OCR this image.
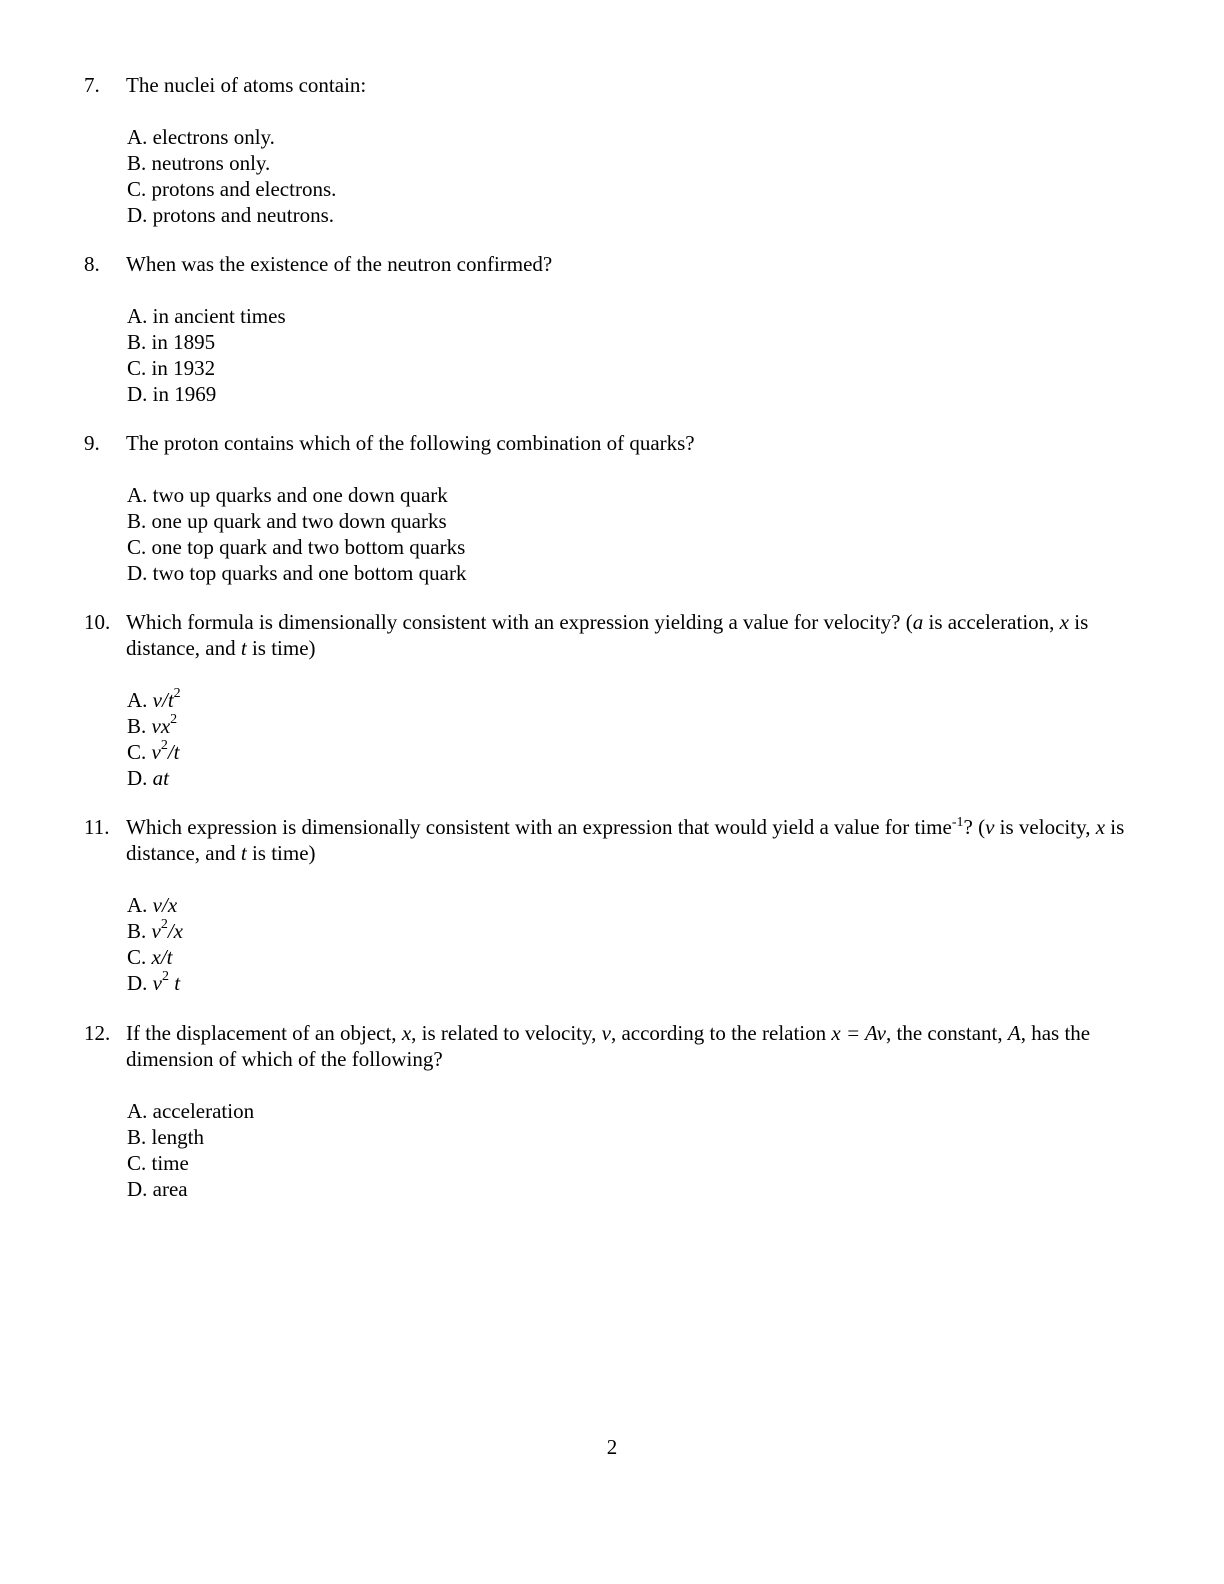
7.	The nuclei of atoms contain:
A. electrons only.
B. neutrons only.
C. protons and electrons.
D. protons and neutrons.
8.	When was the existence of the neutron confirmed?
A. in ancient times
B. in 1895
C. in 1932
D. in 1969
9.	The proton contains which of the following combination of quarks?
A. two up quarks and one down quark
B. one up quark and two down quarks
C. one top quark and two bottom quarks
D. two top quarks and one bottom quark
10. Which formula is dimensionally consistent with an expression yielding a value for velocity? (a is acceleration, x is distance, and t is time)
A. $v/t^2$
B. $vx^2$
C. $v^2/t$
D. at
11. Which expression is dimensionally consistent with an expression that would yield a value for time$^{-1}$? (v is velocity, x is distance, and t is time)
A. v/x
B. $v^2/x$
C. x/t
D. $v^2$ t
12. If the displacement of an object, x, is related to velocity, v, according to the relation x = Av, the constant, A, has the dimension of which of the following?
A. acceleration
B. length
C. time
D. area
2
